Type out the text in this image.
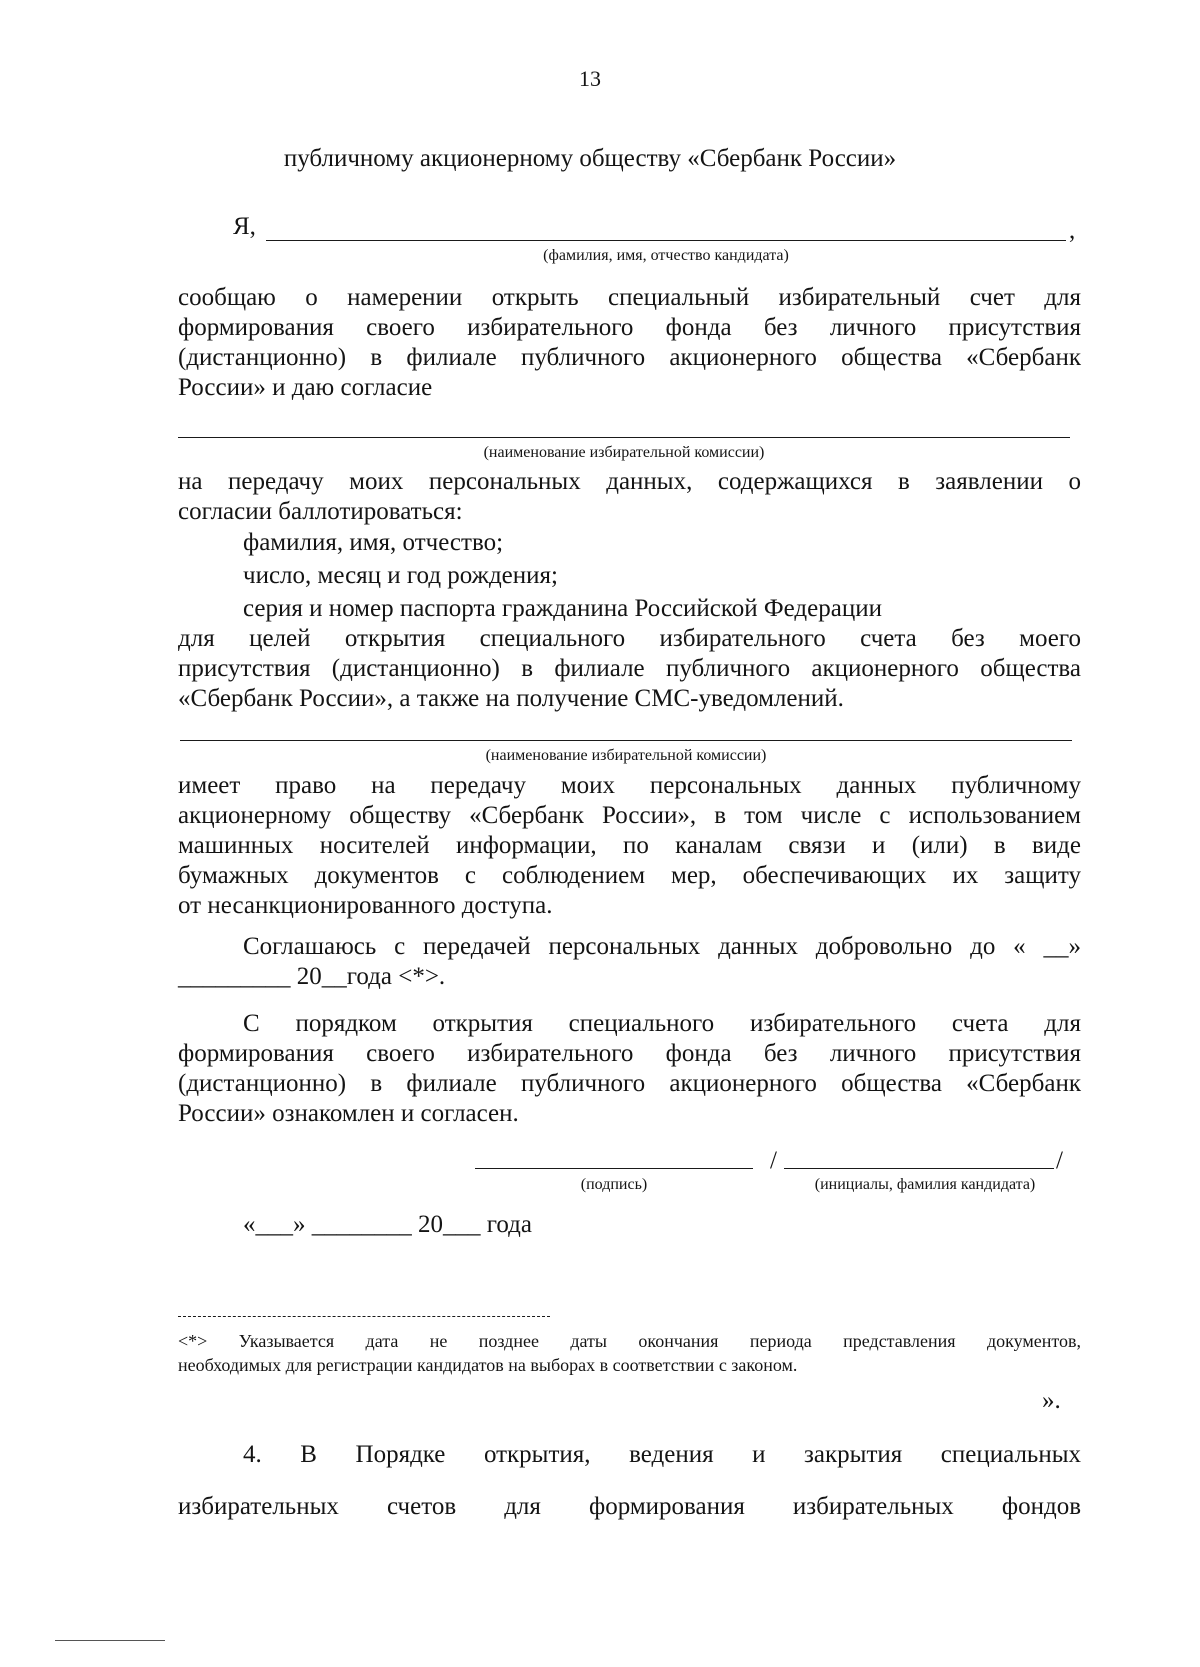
13
публичному акционерному обществу «Сбербанк России»
Я,	,
(фамилия, имя, отчество кандидата)
сообщаю о намерении открыть специальный избирательный счет для
формирования своего избирательного фонда без личного присутствия
(дистанционно) в филиале публичного акционерного общества «Сбербанк
России» и даю согласие
(наименование избирательной комиссии)
на передачу моих персональных данных, содержащихся в заявлении о
согласии баллотироваться:
фамилия, имя, отчество;
число, месяц и год рождения;
серия и номер паспорта гражданина Российской Федерации
для целей открытия специального избирательного счета без моего
присутствия (дистанционно) в филиале публичного акционерного общества
«Сбербанк России», а также на получение СМС-уведомлений.
(наименование избирательной комиссии)
имеет право на передачу моих персональных данных публичному
акционерному обществу «Сбербанк России», в том числе с использованием
машинных носителей информации, по каналам связи и (или) в виде
бумажных документов с соблюдением мер, обеспечивающих их защиту
от несанкционированного доступа.
Соглашаюсь с передачей персональных данных добровольно до « __»
_________ 20__года <*>.
С порядком открытия специального избирательного счета для
формирования своего избирательного фонда без личного присутствия
(дистанционно) в филиале публичного акционерного общества «Сбербанк
России» ознакомлен и согласен.
/	/
(подпись)	(инициалы, фамилия кандидата)
«___» ________ 20___ года
<*> Указывается дата не позднее даты окончания периода представления документов,
необходимых для регистрации кандидатов на выборах в соответствии с законом.
».
4. В Порядке открытия, ведения и закрытия специальных
избирательных счетов для формирования избирательных фондов
